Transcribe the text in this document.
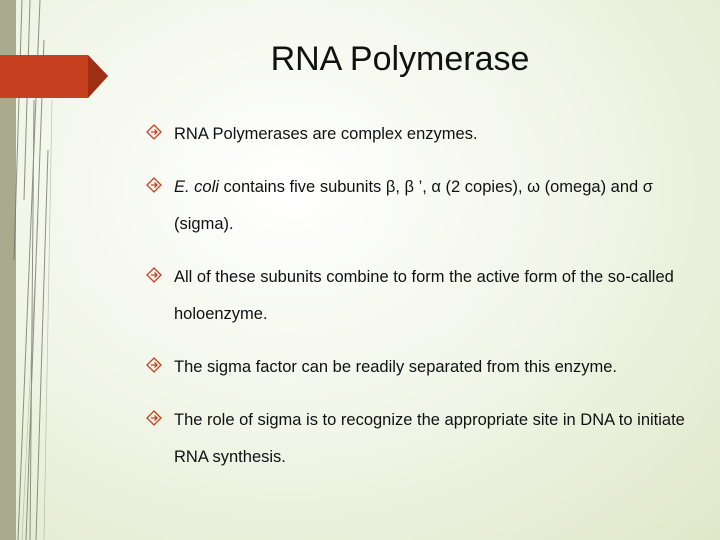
RNA Polymerase
RNA Polymerases are complex enzymes.
E. coli contains five subunits β, β ’, α (2 copies), ω (omega) and σ (sigma).
All of these subunits combine to form the active form of the so-called holoenzyme.
The sigma factor can be readily separated from this enzyme.
The role of sigma is to recognize the appropriate site in DNA to initiate RNA synthesis.
